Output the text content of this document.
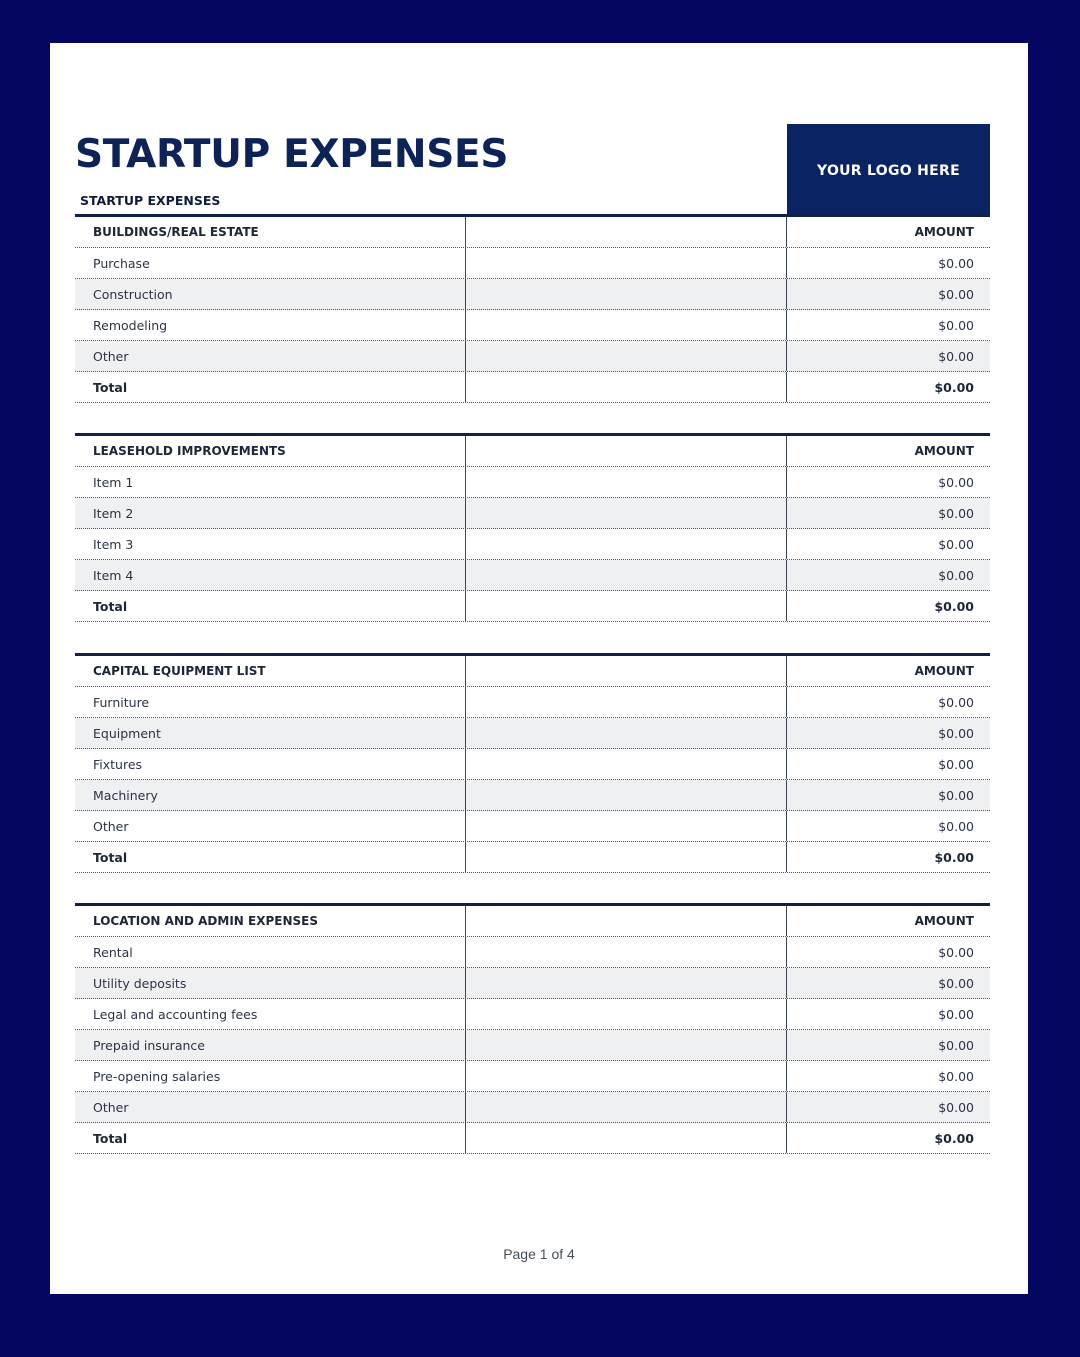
STARTUP EXPENSES
STARTUP EXPENSES
YOUR LOGO HERE
BUILDINGS/REAL ESTATE	AMOUNT
Purchase	$0.00
Construction	$0.00
Remodeling	$0.00
Other	$0.00
Total	$0.00
LEASEHOLD IMPROVEMENTS	AMOUNT
Item 1	$0.00
Item 2	$0.00
Item 3	$0.00
Item 4	$0.00
Total	$0.00
CAPITAL EQUIPMENT LIST	AMOUNT
Furniture	$0.00
Equipment	$0.00
Fixtures	$0.00
Machinery	$0.00
Other	$0.00
Total	$0.00
LOCATION AND ADMIN EXPENSES	AMOUNT
Rental	$0.00
Utility deposits	$0.00
Legal and accounting fees	$0.00
Prepaid insurance	$0.00
Pre-opening salaries	$0.00
Other	$0.00
Total	$0.00
Page 1 of 4
